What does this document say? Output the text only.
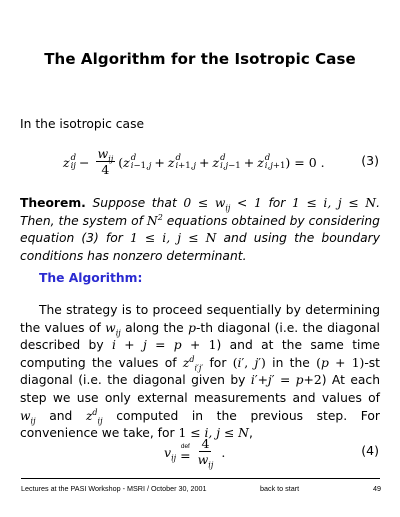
The Algorithm for the Isotropic Case
In the isotropic case
z d
ij − $\frac{w_{ij}}{4}$ ( z d
i−1,j + z d
i+1,j + z d
i,j−1 + z d
i,j+1 ) = 0 .	(3)
Theorem. Suppose that $0 \le w_{ij} < 1$ for 1 ≤ i, j ≤ N. Then, the system of $N^2$ equations obtained by considering equation (3) for 1 ≤ i, j ≤ N and using the boundary conditions has nonzero determinant.
The Algorithm:
The strategy is to proceed sequentially by determining the values of $w_{ij}$ along the p-th diagonal (i.e. the diagonal described by i + j = p + 1) and at the same time computing the values of $z^d_{i'j'}$ for (i′, j′) in the (p + 1)-st diagonal (i.e. the diagonal given by i′+j′ = p+2) At each step we use only external measurements and values of $w_{ij}$ and $z^d_{ij}$ computed in the previous step. For convenience we take, for 1 ≤ i, j ≤ N,
$v_{ij}$
def
= $\frac{4}{w_{ij}}$ .	(4)
Lectures at the PASI Workshop - MSRI / October 30, 2001	back to start	49
